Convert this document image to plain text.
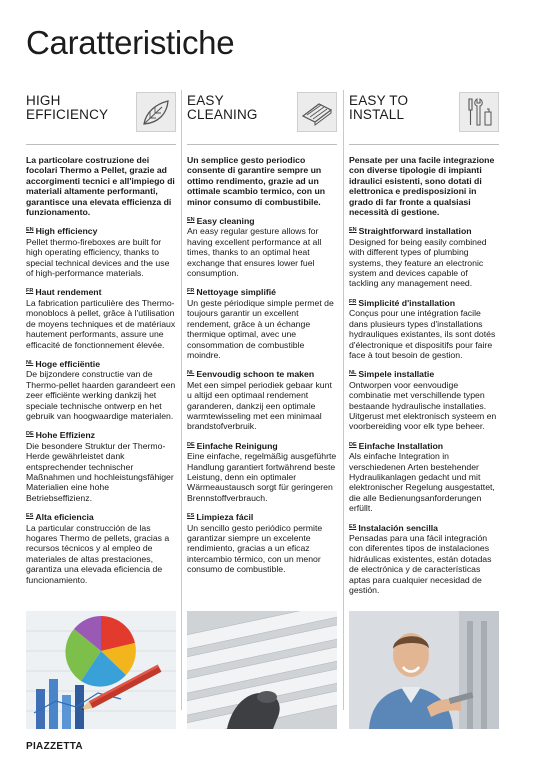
Caratteristiche
HIGH EFFICIENCY
La particolare costruzione dei focolari Thermo a Pellet, grazie ad accorgimenti tecnici e all'impiego di materiali altamente performanti, garantisce una elevata efficienza di funzionamento.
$^{EN}$ High efficiency
Pellet thermo-fireboxes are built for high operating efficiency, thanks to special technical devices and the use of high-performance materials.
$^{FR}$ Haut rendement
La fabrication particulière des Thermo-monoblocs à pellet, grâce à l'utilisation de moyens techniques et de matériaux hautement performants, assure une efficacité de fonctionnement élevée.
$^{NL}$ Hoge efficiëntie
De bijzondere constructie van de Thermo-pellet haarden garandeert een zeer efficiënte werking dankzij het speciale technische ontwerp en het gebruik van hoogwaardige materialen.
$^{DE}$ Hohe Effizienz
Die besondere Struktur der Thermo-Herde gewährleistet dank entsprechender technischer Maßnahmen und hochleistungsfähiger Materialien eine hohe Betriebseffizienz.
$^{ES}$ Alta eficiencia
La particular construcción de las hogares Thermo de pellets, gracias a recursos técnicos y al empleo de materiales de altas prestaciones, garantiza una elevada eficiencia de funcionamiento.
EASY CLEANING
Un semplice gesto periodico consente di garantire sempre un ottimo rendimento, grazie ad un ottimale scambio termico, con un minor consumo di combustibile.
$^{EN}$ Easy cleaning
An easy regular gesture allows for having excellent performance at all times, thanks to an optimal heat exchange that ensures lower fuel consumption.
$^{FR}$ Nettoyage simplifié
Un geste périodique simple permet de toujours garantir un excellent rendement, grâce à un échange thermique optimal, avec une consommation de combustible moindre.
$^{NL}$ Eenvoudig schoon te maken
Met een simpel periodiek gebaar kunt u altijd een optimaal rendement garanderen, dankzij een optimale warmtewisseling met een minimaal brandstofverbruik.
$^{DE}$ Einfache Reinigung
Eine einfache, regelmäßig ausgeführte Handlung garantiert fortwährend beste Leistung, denn ein optimaler Wärmeaustausch sorgt für geringeren Brennstoffverbrauch.
$^{ES}$ Limpieza fácil
Un sencillo gesto periódico permite garantizar siempre un excelente rendimiento, gracias a un eficaz intercambio térmico, con un menor consumo de combustible.
EASY TO INSTALL
Pensate per una facile integrazione con diverse tipologie di impianti idraulici esistenti, sono dotati di elettronica e predisposizioni in grado di far fronte a qualsiasi necessità di gestione.
$^{EN}$ Straightforward installation
Designed for being easily combined with different types of plumbing systems, they feature an electronic system and devices capable of tackling any management need.
$^{FR}$ Simplicité d'installation
Conçus pour une intégration facile dans plusieurs types d'installations hydrauliques existantes, ils sont dotés d'électronique et dispositifs pour faire face à tout besoin de gestion.
$^{NL}$ Simpele installatie
Ontworpen voor eenvoudige combinatie met verschillende typen bestaande hydraulische installaties. Uitgerust met elektronisch systeem en voorbereiding voor elk type beheer.
$^{DE}$ Einfache Installation
Als einfache Integration in verschiedenen Arten bestehender Hydraulikanlagen gedacht und mit elektronischer Regelung ausgestattet, die alle Bedienungsanforderungen erfüllt.
$^{ES}$ Instalación sencilla
Pensadas para una fácil integración con diferentes tipos de instalaciones hidráulicas existentes, están dotadas de electrónica y de características aptas para cualquier necesidad de gestión.
PIAZZETTA
